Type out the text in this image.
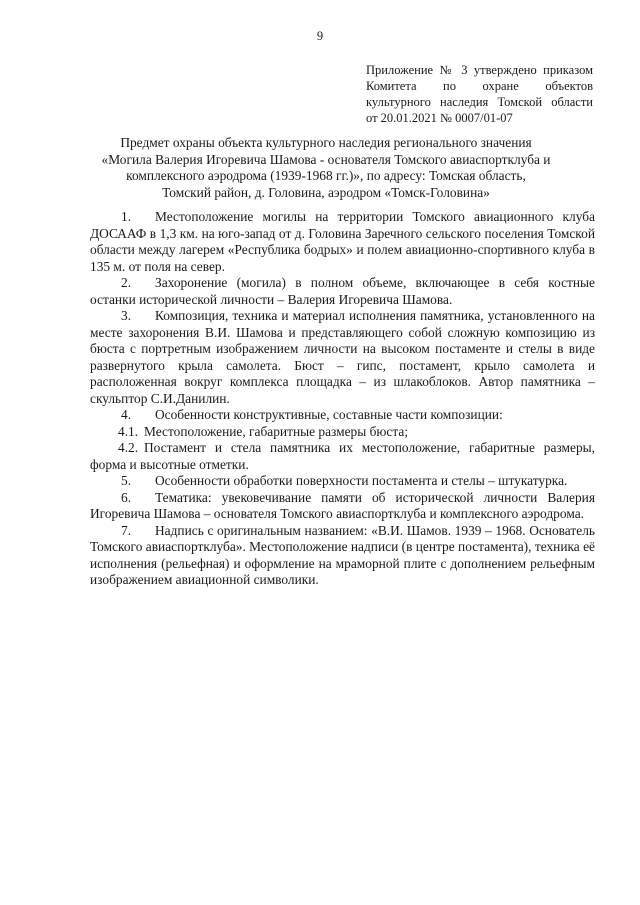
9
Приложение № 3 утверждено приказом
Комитета по охране объектов
культурного наследия Томской области
от 20.01.2021 № 0007/01-07
Предмет охраны объекта культурного наследия регионального значения
«Могила Валерия Игоревича Шамова - основателя Томского авиаспортклуба и
комплексного аэродрома (1939-1968 гг.)», по адресу: Томская область,
Томский район, д. Головина, аэродром «Томск-Головина»

1. Местоположение могилы на территории Томского авиационного клуба ДОСААФ в 1,3 км. на юго-запад от д. Головина Заречного сельского поселения Томской области между лагерем «Республика бодрых» и полем авиационно-спортивного клуба в 135 м. от поля на север.

2. Захоронение (могила) в полном объеме, включающее в себя костные останки исторической личности – Валерия Игоревича Шамова.

3. Композиция, техника и материал исполнения памятника, установленного на месте захоронения В.И. Шамова и представляющего собой сложную композицию из бюста с портретным изображением личности на высоком постаменте и стелы в виде развернутого крыла самолета. Бюст – гипс, постамент, крыло самолета и расположенная вокруг комплекса площадка – из шлакоблоков. Автор памятника – скульптор С.И.Данилин.

4. Особенности конструктивные, составные части композиции:

4.1. Местоположение, габаритные размеры бюста;

4.2. Постамент и стела памятника их местоположение, габаритные размеры, форма и высотные отметки.

5. Особенности обработки поверхности постамента и стелы – штукатурка.

6. Тематика: увековечивание памяти об исторической личности Валерия Игоревича Шамова – основателя Томского авиаспортклуба и комплексного аэродрома.

7. Надпись с оригинальным названием: «В.И. Шамов. 1939 – 1968. Основатель Томского авиаспортклуба». Местоположение надписи (в центре постамента), техника её исполнения (рельефная) и оформление на мраморной плите с дополнением рельефным изображением авиационной символики.
